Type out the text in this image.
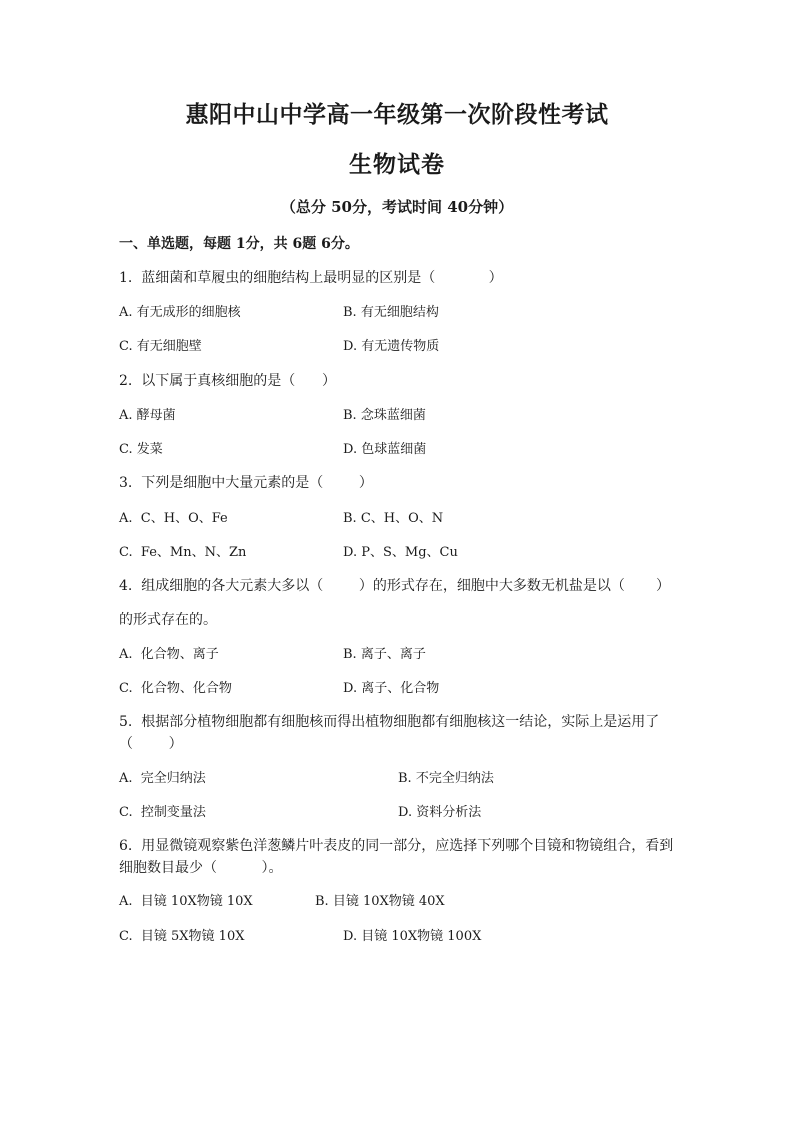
惠阳中山中学高一年级第一次阶段性考试
生物试卷
（总分 50分，考试时间 40分钟）
一、单选题，每题 1分，共 6题 6分。
1.  蓝细菌和草履虫的细胞结构上最明显的区别是（            ）
A. 有无成形的细胞核	B. 有无细胞结构
C. 有无细胞壁	D. 有无遗传物质
2.  以下属于真核细胞的是（      ）
A. 酵母菌	B. 念珠蓝细菌
C. 发菜	D. 色球蓝细菌
3.  下列是细胞中大量元素的是（        ）
A.  C、H、O、Fe	B. C、H、O、N
C.  Fe、Mn、N、Zn	D. P、S、Mg、Cu
4.  组成细胞的各大元素大多以（        ）的形式存在，细胞中大多数无机盐是以（       ）
的形式存在的。
A.  化合物、离子	B. 离子、离子
C.  化合物、化合物	D. 离子、化合物
5.  根据部分植物细胞都有细胞核而得出植物细胞都有细胞核这一结论，实际上是运用了
（        ）
A.  完全归纳法	B. 不完全归纳法
C.  控制变量法	D. 资料分析法
6.  用显微镜观察紫色洋葱鳞片叶表皮的同一部分，应选择下列哪个目镜和物镜组合，看到
细胞数目最少（          ）。
A.  目镜 10X物镜 10X	B. 目镜 10X物镜 40X
C.  目镜 5X物镜 10X	D. 目镜 10X物镜 100X
